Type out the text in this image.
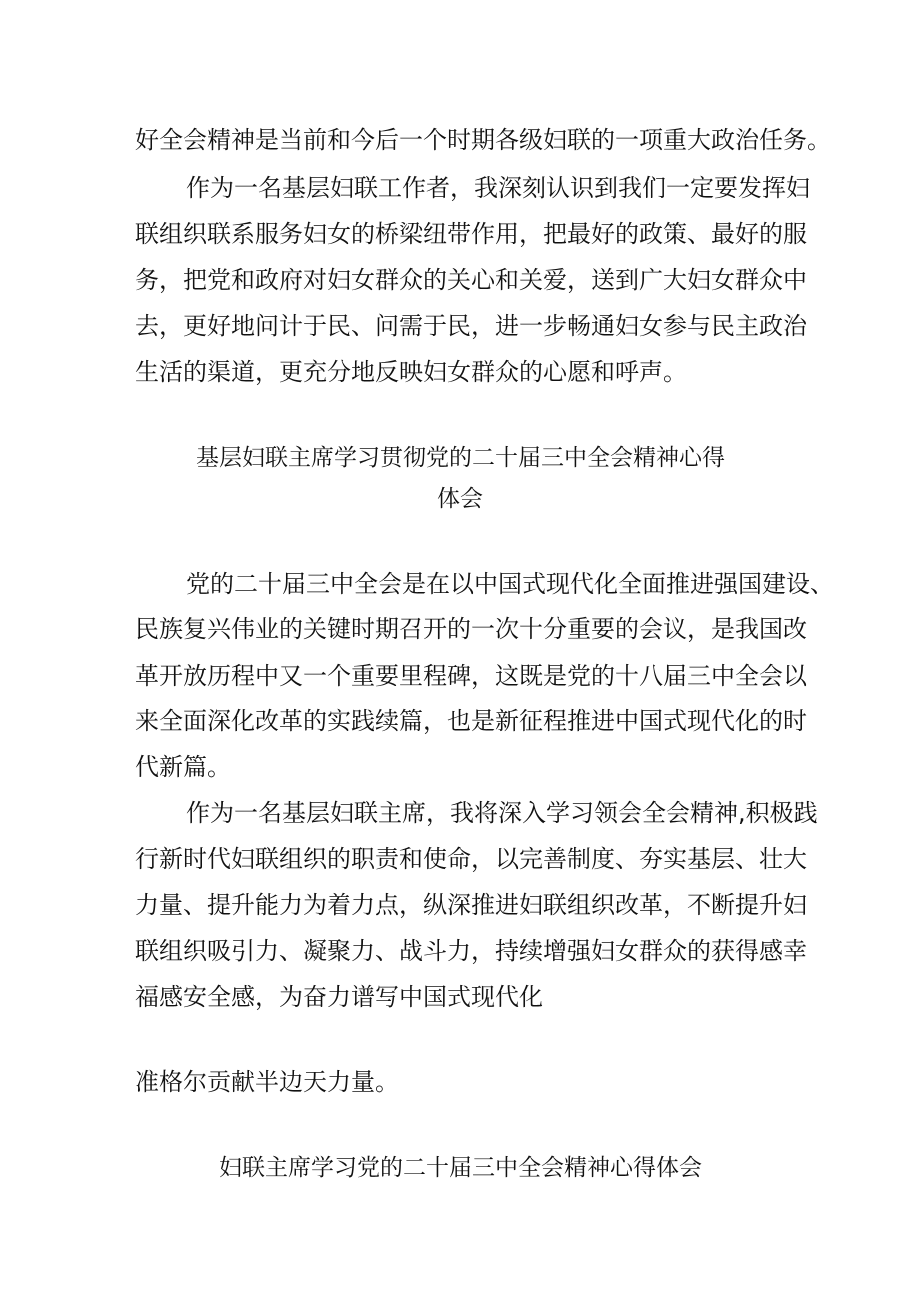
好全会精神是当前和今后一个时期各级妇联的一项重大政治任务。
作为一名基层妇联工作者，我深刻认识到我们一定要发挥妇
联组织联系服务妇女的桥梁纽带作用，把最好的政策、最好的服
务，把党和政府对妇女群众的关心和关爱，送到广大妇女群众中
去，更好地问计于民、问需于民，进一步畅通妇女参与民主政治
生活的渠道，更充分地反映妇女群众的心愿和呼声。
基层妇联主席学习贯彻党的二十届三中全会精神心得
体会
党的二十届三中全会是在以中国式现代化全面推进强国建设、
民族复兴伟业的关键时期召开的一次十分重要的会议，是我国改
革开放历程中又一个重要里程碑，这既是党的十八届三中全会以
来全面深化改革的实践续篇，也是新征程推进中国式现代化的时
代新篇。
作为一名基层妇联主席，我将深入学习领会全会精神,积极践
行新时代妇联组织的职责和使命，以完善制度、夯实基层、壮大
力量、提升能力为着力点，纵深推进妇联组织改革，不断提升妇
联组织吸引力、凝聚力、战斗力，持续增强妇女群众的获得感幸
福感安全感，为奋力谱写中国式现代化
准格尔贡献半边天力量。
妇联主席学习党的二十届三中全会精神心得体会
